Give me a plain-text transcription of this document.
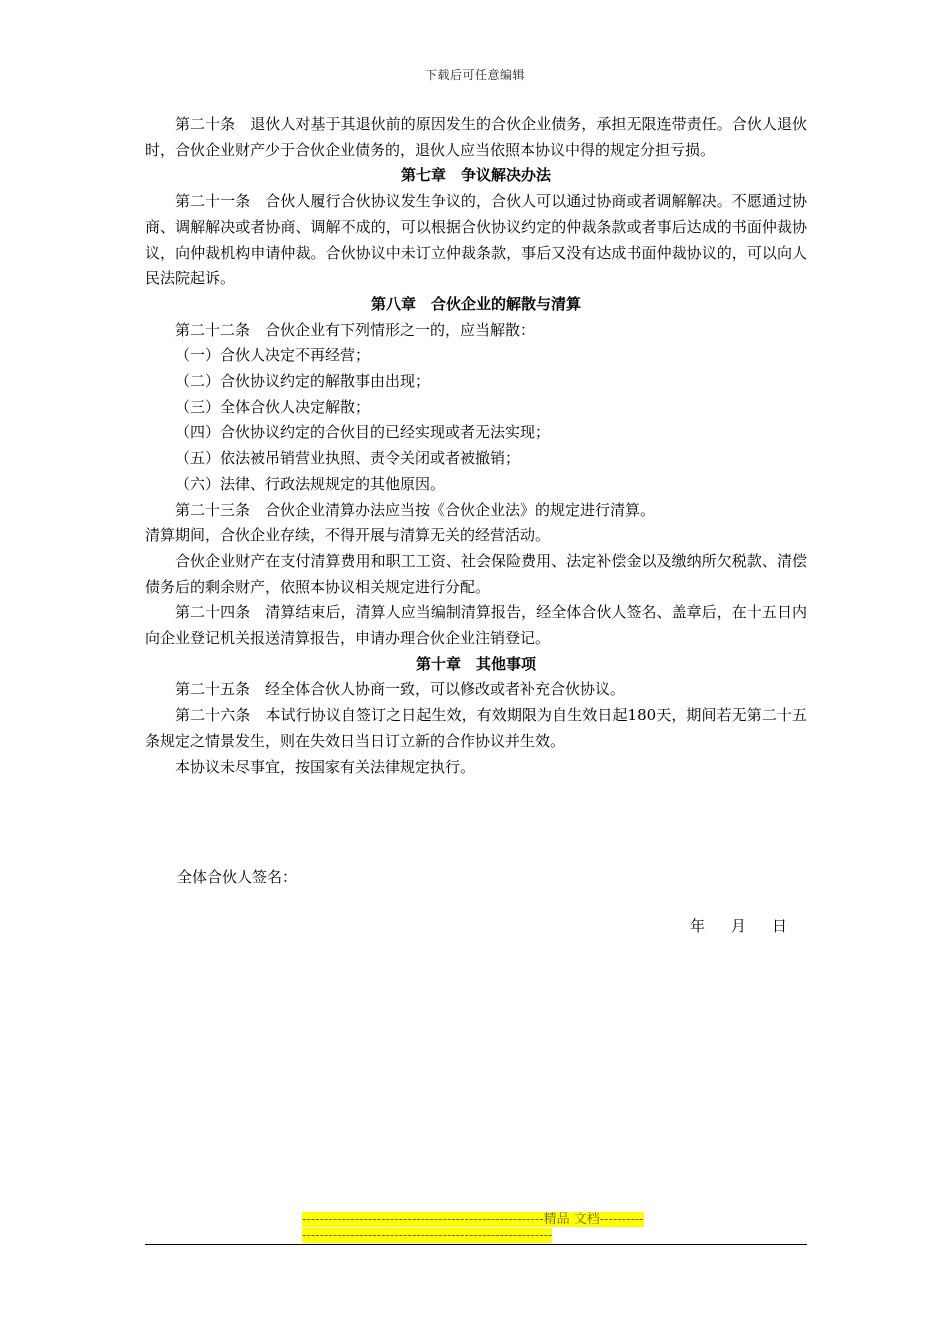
下载后可任意编辑

第二十条　退伙人对基于其退伙前的原因发生的合伙企业债务，承担无限连带责任。合伙人退伙时，合伙企业财产少于合伙企业债务的，退伙人应当依照本协议中得的规定分担亏损。

第七章　争议解决办法

第二十一条　合伙人履行合伙协议发生争议的，合伙人可以通过协商或者调解解决。不愿通过协商、调解解决或者协商、调解不成的，可以根据合伙协议约定的仲裁条款或者事后达成的书面仲裁协议，向仲裁机构申请仲裁。合伙协议中未订立仲裁条款，事后又没有达成书面仲裁协议的，可以向人民法院起诉。

第八章　合伙企业的解散与清算

第二十二条　合伙企业有下列情形之一的，应当解散：

（一）合伙人决定不再经营；

（二）合伙协议约定的解散事由出现；

（三）全体合伙人决定解散；

（四）合伙协议约定的合伙目的已经实现或者无法实现；

（五）依法被吊销营业执照、责令关闭或者被撤销；

（六）法律、行政法规规定的其他原因。

第二十三条　合伙企业清算办法应当按《合伙企业法》的规定进行清算。

清算期间，合伙企业存续，不得开展与清算无关的经营活动。

合伙企业财产在支付清算费用和职工工资、社会保险费用、法定补偿金以及缴纳所欠税款、清偿债务后的剩余财产，依照本协议相关规定进行分配。

第二十四条　清算结束后，清算人应当编制清算报告，经全体合伙人签名、盖章后，在十五日内向企业登记机关报送清算报告，申请办理合伙企业注销登记。

第十章　其他事项

第二十五条　经全体合伙人协商一致，可以修改或者补充合伙协议。

第二十六条　本试行协议自签订之日起生效，有效期限为自生效日起180天，期间若无第二十五条规定之情景发生，则在失效日当日订立新的合作协议并生效。

本协议未尽事宜，按国家有关法律规定执行。

全体合伙人签名：
年 月 日
-------------------------------------------------------精品 文档-------------------------------------------------------------------
